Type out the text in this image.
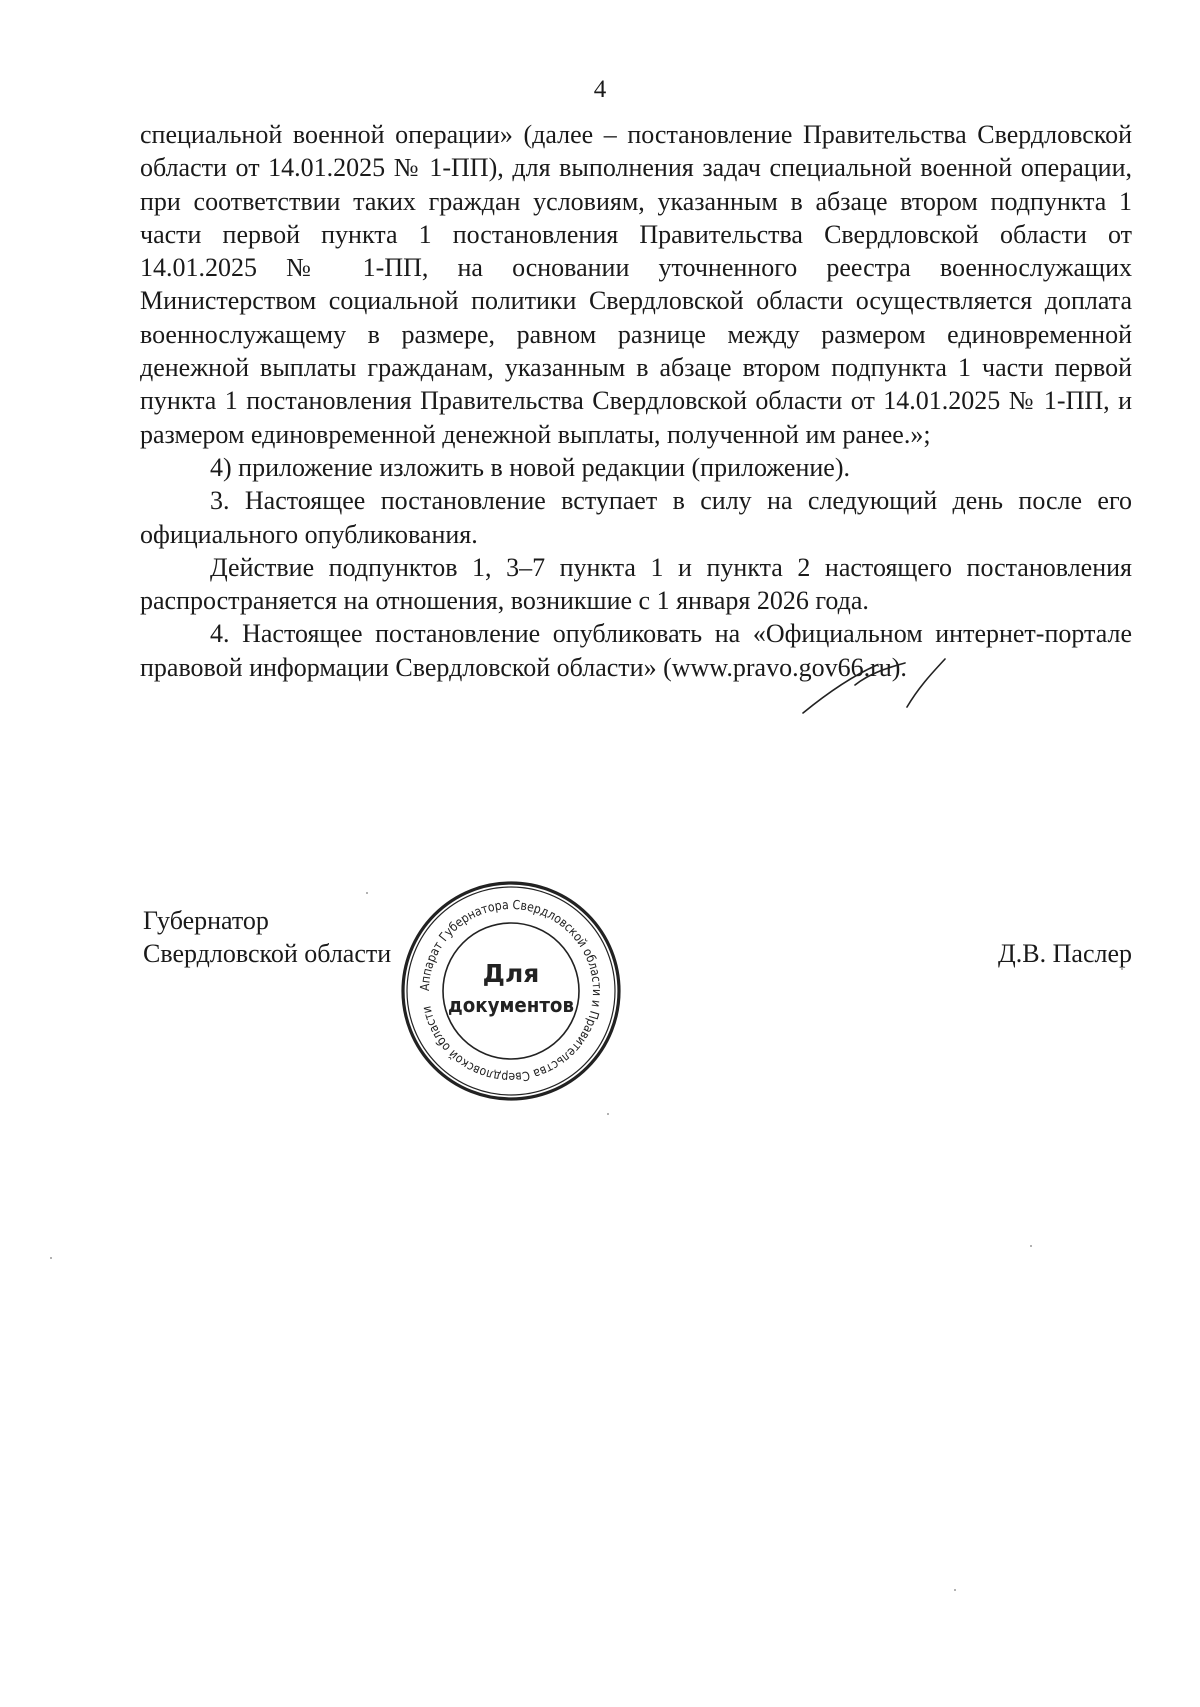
4

специальной военной операции» (далее – постановление Правительства Свердловской области от 14.01.2025 № 1-ПП), для выполнения задач специальной военной операции, при соответствии таких граждан условиям, указанным в абзаце втором подпункта 1 части первой пункта 1 постановления Правительства Свердловской области от 14.01.2025 № 1-ПП, на основании уточненного реестра военнослужащих Министерством социальной политики Свердловской области осуществляется доплата военнослужащему в размере, равном разнице между размером единовременной денежной выплаты гражданам, указанным в абзаце втором подпункта 1 части первой пункта 1 постановления Правительства Свердловской области от 14.01.2025 № 1-ПП, и размером единовременной денежной выплаты, полученной им ранее.»;

4) приложение изложить в новой редакции (приложение).

3. Настоящее постановление вступает в силу на следующий день после его официального опубликования.

Действие подпунктов 1, 3–7 пункта 1 и пункта 2 настоящего постановления распространяется на отношения, возникшие с 1 января 2026 года.

4. Настоящее постановление опубликовать на «Официальном интернет-портале правовой информации Свердловской области» (www.pravo.gov66.ru).

Губернатор
Свердловской области	Д.В. Паслер
Аппарат Губернатора Свердловской области и Правительства Свердловской области
Для
документов
